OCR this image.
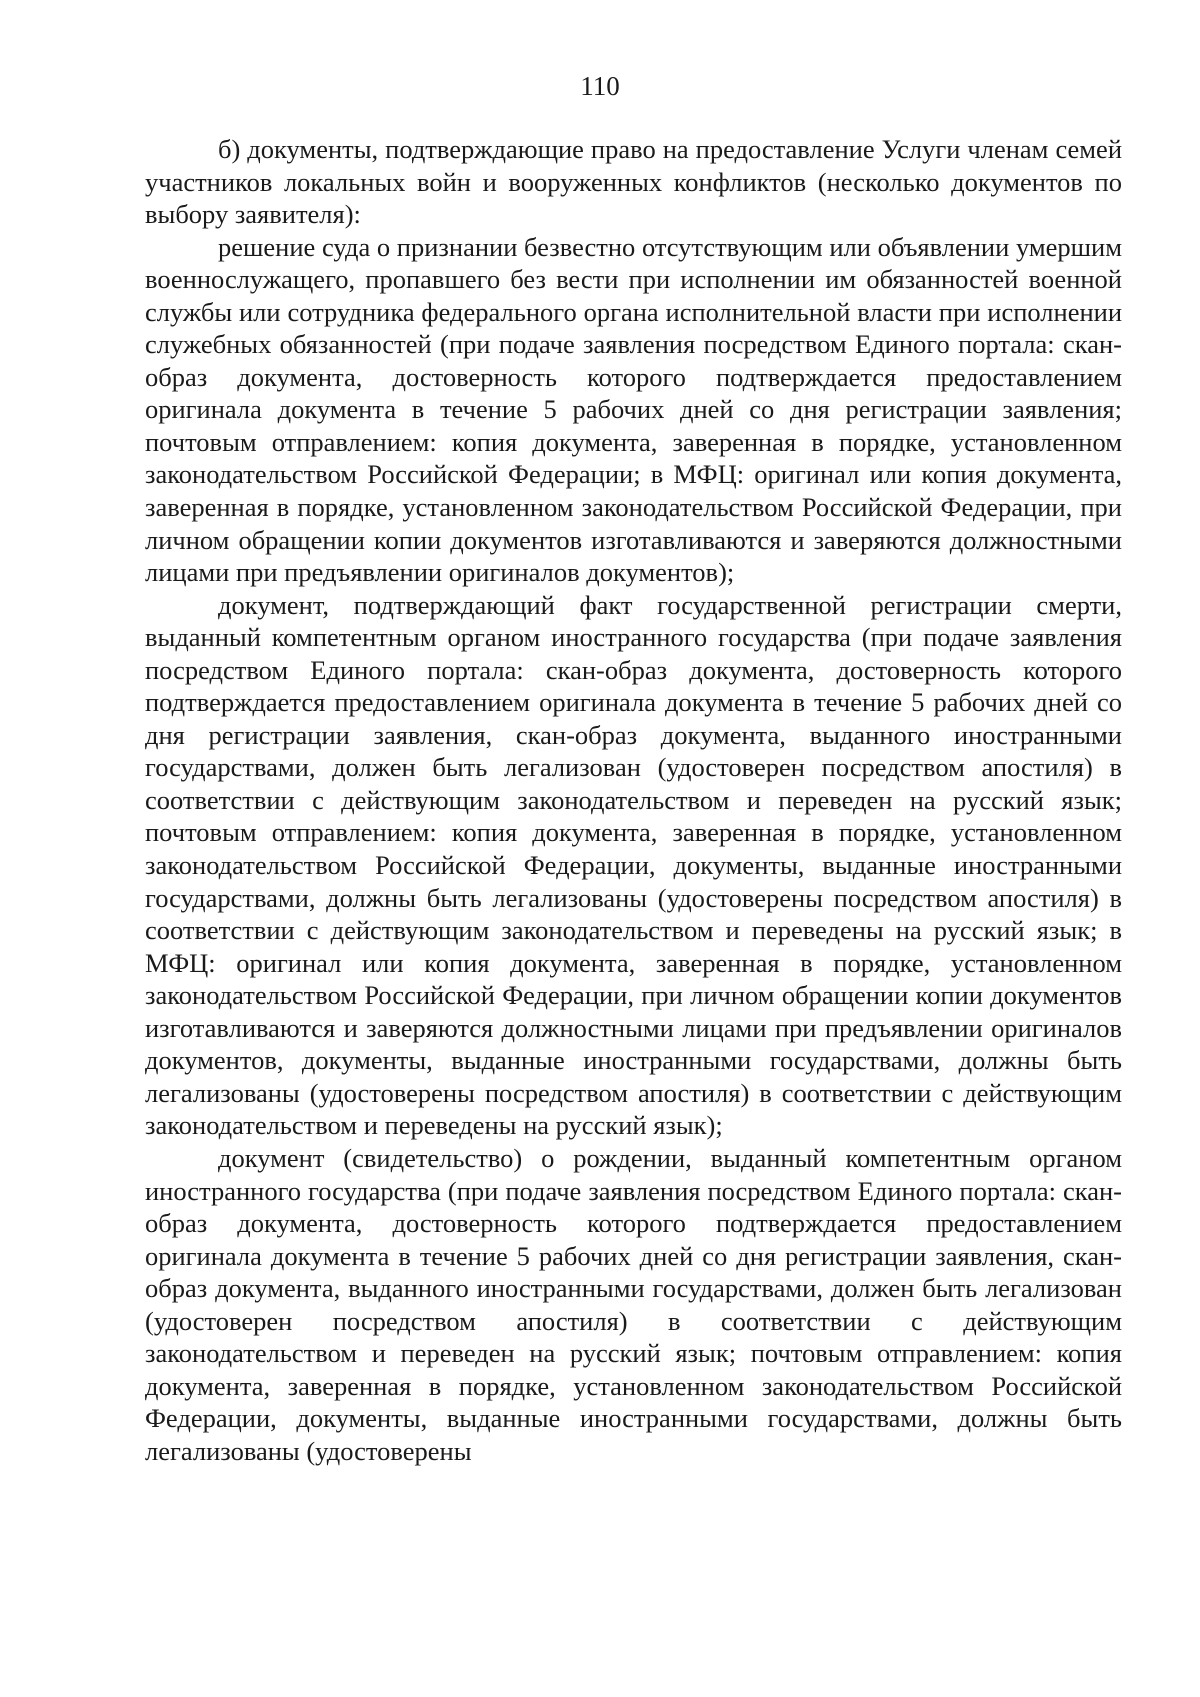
110

б) документы, подтверждающие право на предоставление Услуги членам семей участников локальных войн и вооруженных конфликтов (несколько документов по выбору заявителя):

решение суда о признании безвестно отсутствующим или объявлении умершим военнослужащего, пропавшего без вести при исполнении им обязанностей военной службы или сотрудника федерального органа исполнительной власти при исполнении служебных обязанностей (при подаче заявления посредством Единого портала: скан-образ документа, достоверность которого подтверждается предоставлением оригинала документа в течение 5 рабочих дней со дня регистрации заявления; почтовым отправлением: копия документа, заверенная в порядке, установленном законодательством Российской Федерации; в МФЦ: оригинал или копия документа, заверенная в порядке, установленном законодательством Российской Федерации, при личном обращении копии документов изготавливаются и заверяются должностными лицами при предъявлении оригиналов документов);

документ, подтверждающий факт государственной регистрации смерти, выданный компетентным органом иностранного государства (при подаче заявления посредством Единого портала: скан-образ документа, достоверность которого подтверждается предоставлением оригинала документа в течение 5 рабочих дней со дня регистрации заявления, скан-образ документа, выданного иностранными государствами, должен быть легализован (удостоверен посредством апостиля) в соответствии с действующим законодательством и переведен на русский язык; почтовым отправлением: копия документа, заверенная в порядке, установленном законодательством Российской Федерации, документы, выданные иностранными государствами, должны быть легализованы (удостоверены посредством апостиля) в соответствии с действующим законодательством и переведены на русский язык; в МФЦ: оригинал или копия документа, заверенная в порядке, установленном законодательством Российской Федерации, при личном обращении копии документов изготавливаются и заверяются должностными лицами при предъявлении оригиналов документов, документы, выданные иностранными государствами, должны быть легализованы (удостоверены посредством апостиля) в соответствии с действующим законодательством и переведены на русский язык);

документ (свидетельство) о рождении, выданный компетентным органом иностранного государства (при подаче заявления посредством Единого портала: скан-образ документа, достоверность которого подтверждается предоставлением оригинала документа в течение 5 рабочих дней со дня регистрации заявления, скан-образ документа, выданного иностранными государствами, должен быть легализован (удостоверен посредством апостиля) в соответствии с действующим законодательством и переведен на русский язык; почтовым отправлением: копия документа, заверенная в порядке, установленном законодательством Российской Федерации, документы, выданные иностранными государствами, должны быть легализованы (удостоверены
